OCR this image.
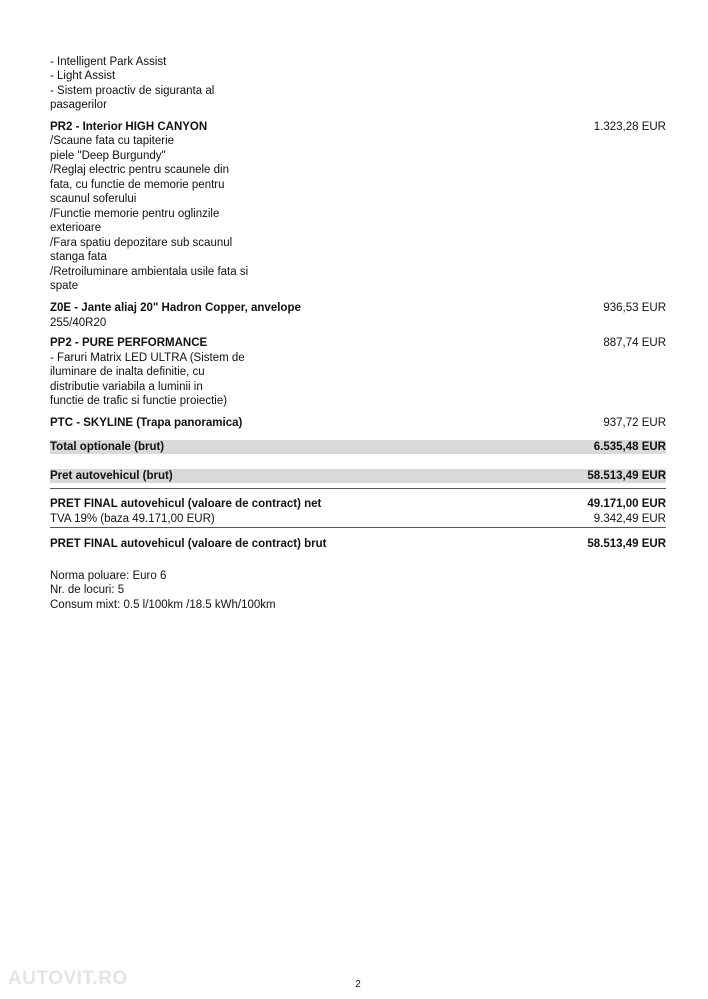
- Intelligent Park Assist
- Light Assist
- Sistem proactiv de siguranta al
pasagerilor
PR2 - Interior HIGH CANYON	1.323,28 EUR
/Scaune fata cu tapiterie
piele "Deep Burgundy"
/Reglaj electric pentru scaunele din
fata, cu functie de memorie pentru
scaunul soferului
/Functie memorie pentru oglinzile
exterioare
/Fara spatiu depozitare sub scaunul
stanga fata
/Retroiluminare ambientala usile fata si
spate
Z0E - Jante aliaj 20" Hadron Copper, anvelope	936,53 EUR
255/40R20
PP2 - PURE PERFORMANCE	887,74 EUR
- Faruri Matrix LED ULTRA (Sistem de
iluminare de inalta definitie, cu
distributie variabila a luminii in
functie de trafic si functie proiectie)
PTC - SKYLINE (Trapa panoramica)	937,72 EUR
Total optionale (brut)	6.535,48 EUR
Pret autovehicul (brut)	58.513,49 EUR
PRET FINAL autovehicul (valoare de contract) net	49.171,00 EUR
TVA 19% (baza 49.171,00 EUR)	9.342,49 EUR
PRET FINAL autovehicul (valoare de contract) brut	58.513,49 EUR
Norma poluare: Euro 6
Nr. de locuri: 5
Consum mixt: 0.5 l/100km /18.5 kWh/100km
AUTOVIT.RO	2
